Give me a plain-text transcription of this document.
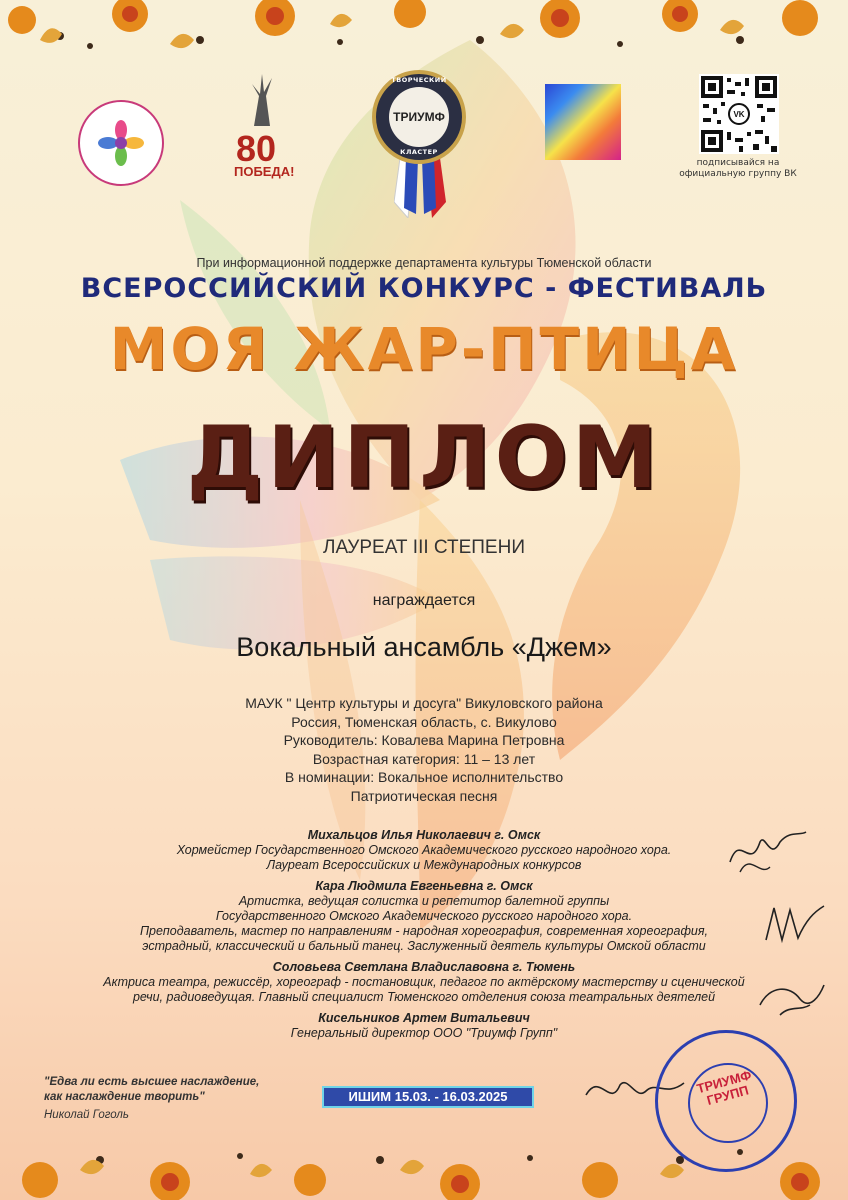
80
ПОБЕДА!
ТРИУМФ
ТВОРЧЕСКИЙ
КЛАСТЕР
VK
подписывайся на официальную группу ВК
При информационной поддержке департамента культуры Тюменской области
ВСЕРОССИЙСКИЙ КОНКУРС - ФЕСТИВАЛЬ
МОЯ ЖАР-ПТИЦА
ДИПЛОМ
ЛАУРЕАТ III СТЕПЕНИ
награждается
Вокальный ансамбль «Джем»
МАУК " Центр культуры и досуга" Викуловского района
Россия, Тюменская область, с. Викулово
Руководитель: Ковалева Марина Петровна
Возрастная категория: 11 – 13 лет
В номинации: Вокальное исполнительство
Патриотическая песня
Михальцов Илья Николаевич г. Омск
Хормейстер Государственного Омского Академического русского народного хора.
Лауреат Всероссийских и Международных конкурсов
Кара Людмила Евгеньевна г. Омск
Артистка, ведущая солистка и репетитор балетной группы
Государственного Омского Академического русского народного хора.
Преподаватель, мастер по направлениям - народная хореография, современная хореография,
эстрадный, классический и бальный танец. Заслуженный деятель культуры Омской области
Соловьева Светлана Владиславовна г. Тюмень
Актриса театра, режиссёр, хореограф - постановщик, педагог по актёрскому мастерству и сценической
речи, радиоведущая. Главный специалист Тюменского отделения союза театральных деятелей
Кисельников Артем Витальевич
Генеральный директор ООО "Триумф Групп"
"Едва ли есть высшее наслаждение,
как наслаждение творить"
Николай Гоголь
ИШИМ 15.03. - 16.03.2025
ТРИУМФ ГРУПП
